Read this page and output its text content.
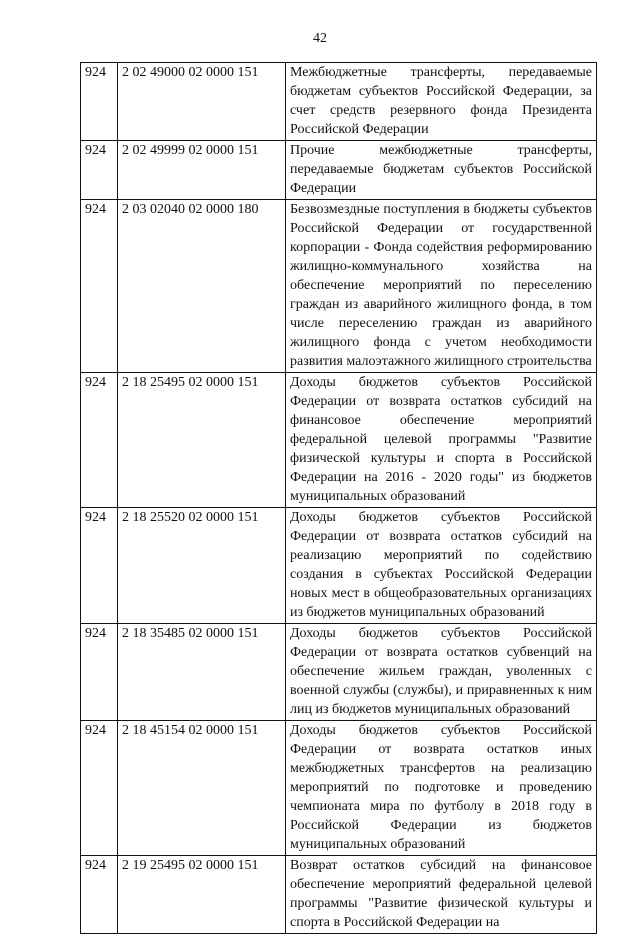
42
924	2 02 49000 02 0000 151	Межбюджетные трансферты, передаваемые бюджетам субъектов Российской Федерации, за счет средств резервного фонда Президента Российской Федерации
924	2 02 49999 02 0000 151	Прочие межбюджетные трансферты, передаваемые бюджетам субъектов Российской Федерации
924	2 03 02040 02 0000 180	Безвозмездные поступления в бюджеты субъектов Российской Федерации от государственной корпорации - Фонда содействия реформированию жилищно-коммунального хозяйства на обеспечение мероприятий по переселению граждан из аварийного жилищного фонда, в том числе переселению граждан из аварийного жилищного фонда с учетом необходимости развития малоэтажного жилищного строительства
924	2 18 25495 02 0000 151	Доходы бюджетов субъектов Российской Федерации от возврата остатков субсидий на финансовое обеспечение мероприятий федеральной целевой программы "Развитие физической культуры и спорта в Российской Федерации на 2016 - 2020 годы" из бюджетов муниципальных образований
924	2 18 25520 02 0000 151	Доходы бюджетов субъектов Российской Федерации от возврата остатков субсидий на реализацию мероприятий по содействию создания в субъектах Российской Федерации новых мест в общеобразовательных организациях из бюджетов муниципальных образований
924	2 18 35485 02 0000 151	Доходы бюджетов субъектов Российской Федерации от возврата остатков субвенций на обеспечение жильем граждан, уволенных с военной службы (службы), и приравненных к ним лиц из бюджетов муниципальных образований
924	2 18 45154 02 0000 151	Доходы бюджетов субъектов Российской Федерации от возврата остатков иных межбюджетных трансфертов на реализацию мероприятий по подготовке и проведению чемпионата мира по футболу в 2018 году в Российской Федерации из бюджетов муниципальных образований
924	2 19 25495 02 0000 151	Возврат остатков субсидий на финансовое обеспечение мероприятий федеральной целевой программы "Развитие физической культуры и спорта в Российской Федерации на
